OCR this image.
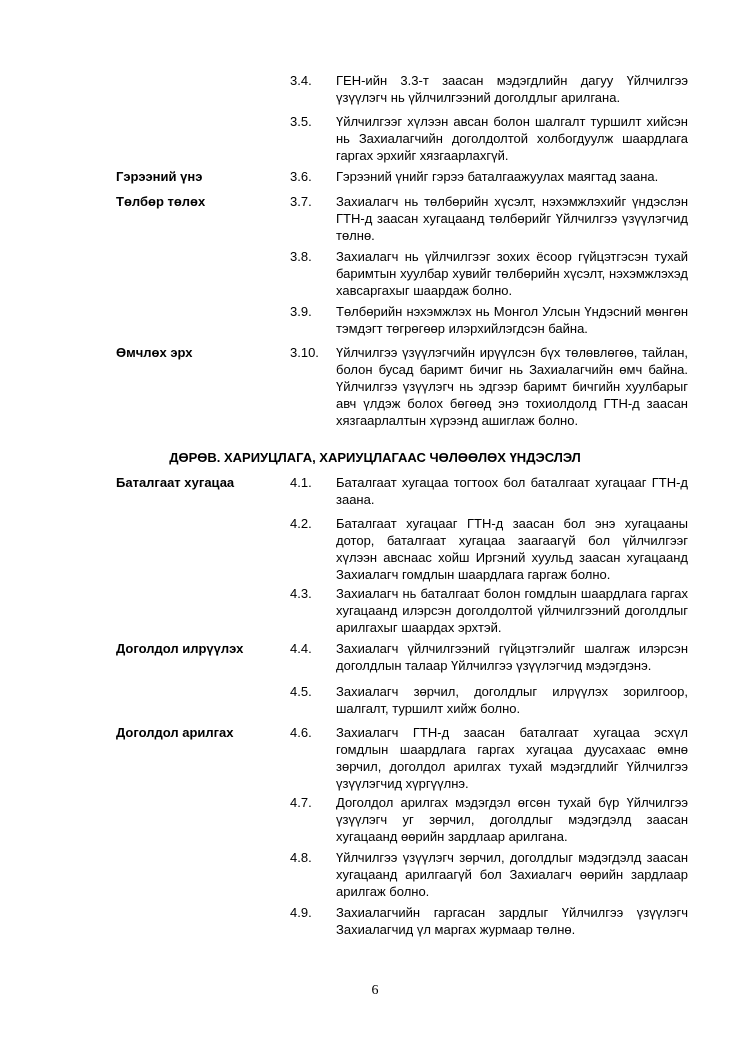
3.4.	ГЕН-ийн 3.3-т заасан мэдэгдлийн дагуу Үйлчилгээ үзүүлэгч нь үйлчилгээний доголдлыг арилгана.
3.5.	Үйлчилгээг хүлээн авсан болон шалгалт туршилт хийсэн нь Захиалагчийн доголдолтой холбогдуулж шаардлага гаргах эрхийг хязгаарлахгүй.
Гэрээний үнэ	3.6.	Гэрээний үнийг гэрээ баталгаажуулах маягтад заана.
Төлбөр төлөх	3.7.	Захиалагч нь төлбөрийн хүсэлт, нэхэмжлэхийг үндэслэн ГТН-д заасан хугацаанд төлбөрийг Үйлчилгээ үзүүлэгчид төлнө.
3.8.	Захиалагч нь үйлчилгээг зохих ёсоор гүйцэтгэсэн тухай баримтын хуулбар хувийг төлбөрийн хүсэлт, нэхэмжлэхэд хавсаргахыг шаардаж болно.
3.9.	Төлбөрийн нэхэмжлэх нь Монгол Улсын Үндэсний мөнгөн тэмдэгт төгрөгөөр илэрхийлэгдсэн байна.
Өмчлөх эрх	3.10.	Үйлчилгээ үзүүлэгчийн ирүүлсэн бүх төлөвлөгөө, тайлан, болон бусад баримт бичиг нь Захиалагчийн өмч байна. Үйлчилгээ үзүүлэгч нь эдгээр баримт бичгийн хуулбарыг авч үлдэж болох бөгөөд энэ тохиолдолд ГТН-д заасан хязгаарлалтын хүрээнд ашиглаж болно.
ДӨРӨВ. ХАРИУЦЛАГА, ХАРИУЦЛАГААС ЧӨЛӨӨЛӨХ ҮНДЭСЛЭЛ
Баталгаат хугацаа	4.1.	Баталгаат хугацаа тогтоох бол баталгаат хугацааг ГТН-д заана.
4.2.	Баталгаат хугацааг ГТН-д заасан бол энэ хугацааны дотор, баталгаат хугацаа заагаагүй бол үйлчилгээг хүлээн авснаас хойш Иргэний хуульд заасан хугацаанд Захиалагч гомдлын шаардлага гаргаж болно.
4.3.	Захиалагч нь баталгаат болон гомдлын шаардлага гаргах хугацаанд илэрсэн доголдолтой үйлчилгээний доголдлыг арилгахыг шаардах эрхтэй.
Доголдол илрүүлэх	4.4.	Захиалагч үйлчилгээний гүйцэтгэлийг шалгаж илэрсэн доголдлын талаар Үйлчилгээ үзүүлэгчид мэдэгдэнэ.
4.5.	Захиалагч зөрчил, доголдлыг илрүүлэх зорилгоор, шалгалт, туршилт хийж болно.
Доголдол арилгах	4.6.	Захиалагч ГТН-д заасан баталгаат хугацаа эсхүл гомдлын шаардлага гаргах хугацаа дуусахаас өмнө зөрчил, доголдол арилгах тухай мэдэгдлийг Үйлчилгээ үзүүлэгчид хүргүүлнэ.
4.7.	Доголдол арилгах мэдэгдэл өгсөн тухай бүр Үйлчилгээ үзүүлэгч уг зөрчил, доголдлыг мэдэгдэлд заасан хугацаанд өөрийн зардлаар арилгана.
4.8.	Үйлчилгээ үзүүлэгч зөрчил, доголдлыг мэдэгдэлд заасан хугацаанд арилгаагүй бол Захиалагч өөрийн зардлаар арилгаж болно.
4.9.	Захиалагчийн гаргасан зардлыг Үйлчилгээ үзүүлэгч Захиалагчид үл маргах журмаар төлнө.
6
